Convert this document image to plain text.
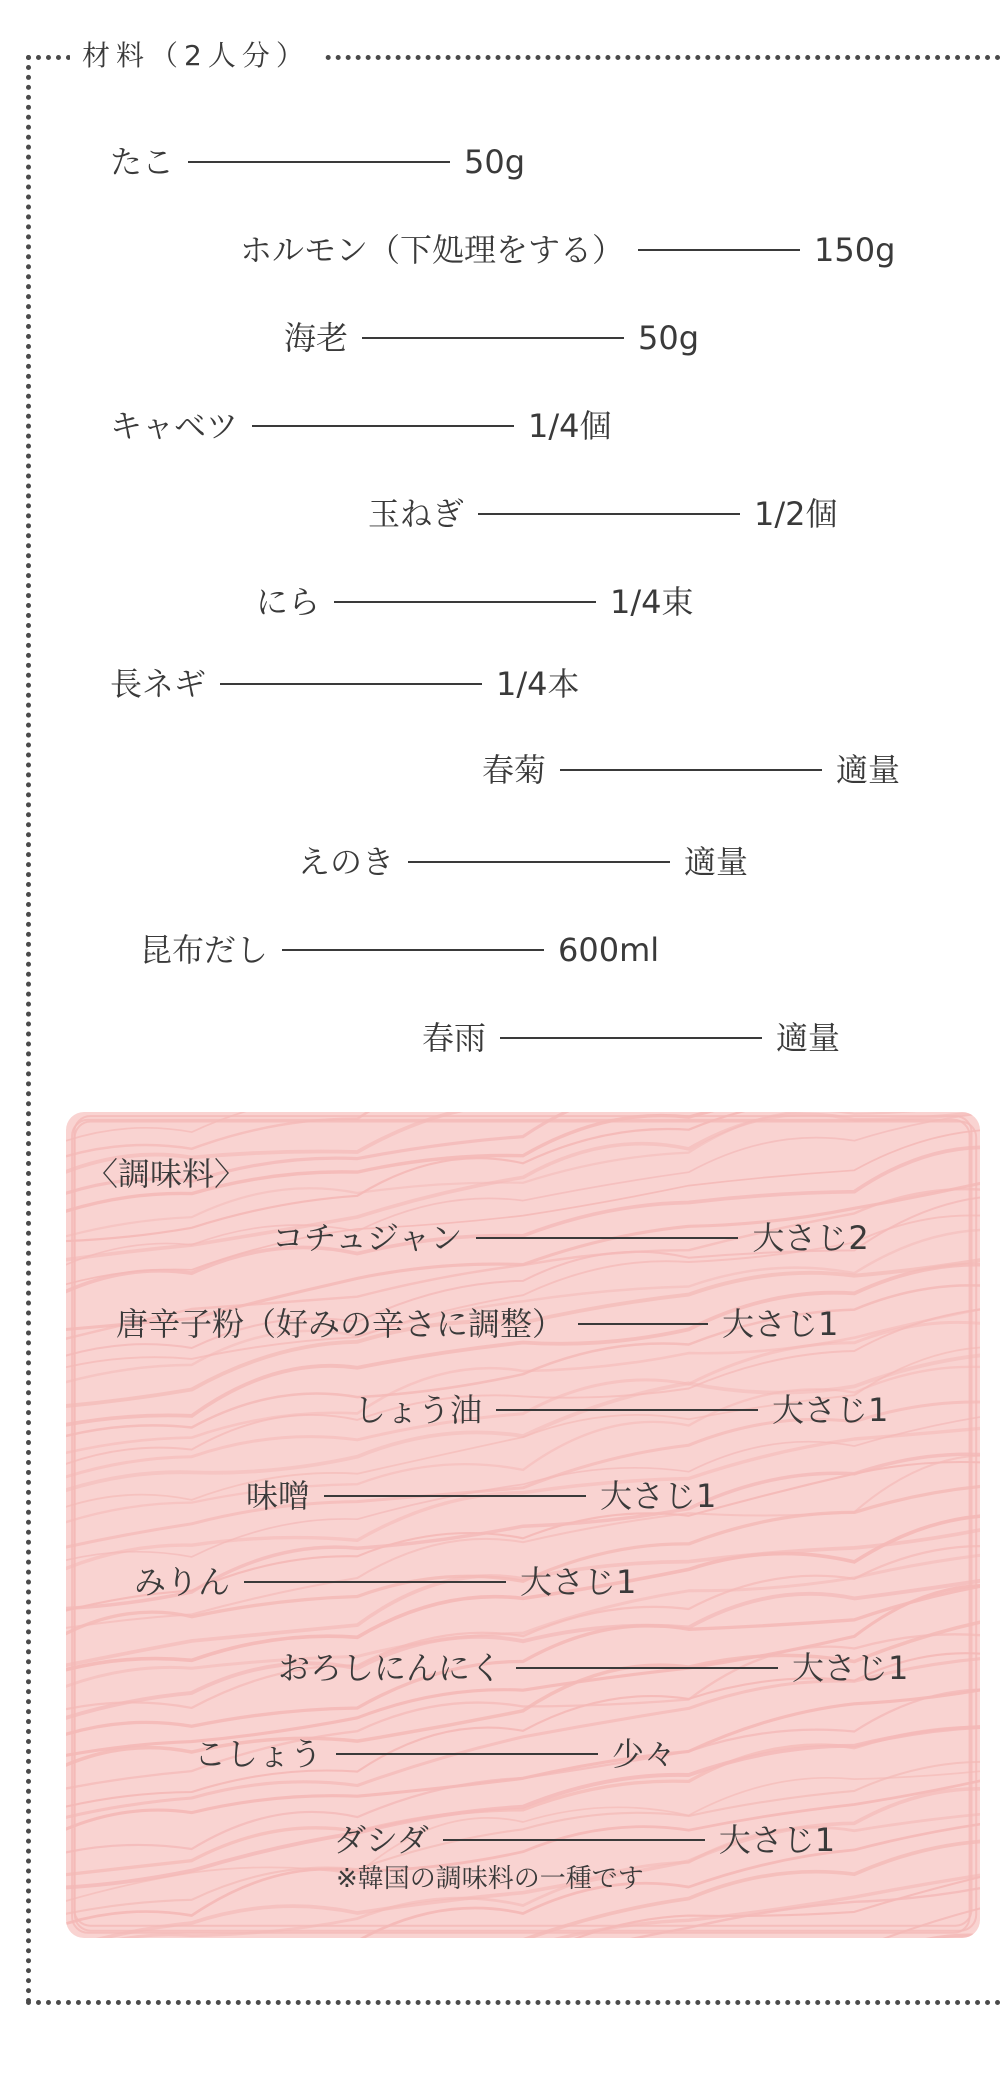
材料（2人分）
たこ	50g
ホルモン（下処理をする）	150g
海老	50g
キャベツ	1/4個
玉ねぎ	1/2個
にら	1/4束
長ネギ	1/4本
春菊	適量
えのき	適量
昆布だし	600ml
春雨	適量
〈調味料〉
コチュジャン	大さじ2
唐辛子粉（好みの辛さに調整）	大さじ1
しょう油	大さじ1
味噌	大さじ1
みりん	大さじ1
おろしにんにく	大さじ1
こしょう	少々
ダシダ	大さじ1
※韓国の調味料の一種です
